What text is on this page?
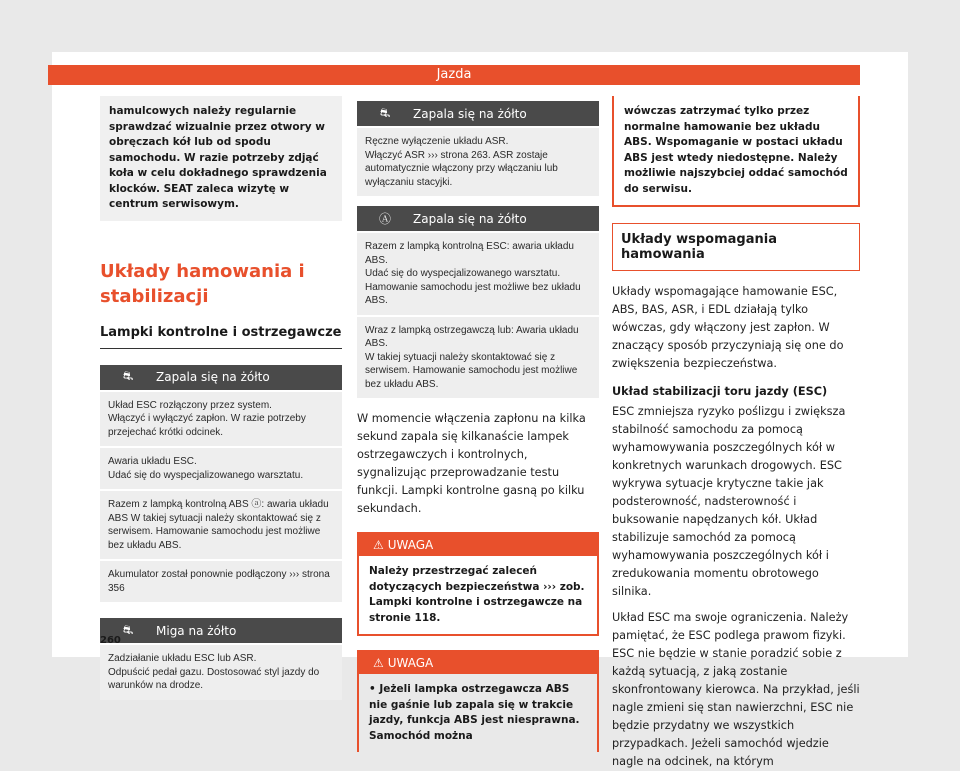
Jazda
hamulcowych należy regularnie sprawdzać wizualnie przez otwory w obręczach kół lub od spodu samochodu. W razie potrzeby zdjąć koła w celu dokładnego sprawdzenia klocków. SEAT zaleca wizytę w centrum serwisowym.
Układy hamowania i stabilizacji
Lampki kontrolne i ostrzegawcze
⛐	Zapala się na żółto
Układ ESC rozłączony przez system.
Włączyć i wyłączyć zapłon. W razie potrzeby przejechać krótki odcinek.
Awaria układu ESC.
Udać się do wyspecjalizowanego warsztatu.
Razem z lampką kontrolną ABS ⓐ: awaria układu ABS W takiej sytuacji należy skontaktować się z serwisem. Hamowanie samochodu jest możliwe bez układu ABS.
Akumulator został ponownie podłączony ››› strona 356
⛐	Miga na żółto
Zadziałanie układu ESC lub ASR.
Odpuścić pedał gazu. Dostosować styl jazdy do warunków na drodze.
⛐	Zapala się na żółto
Ręczne wyłączenie układu ASR.
Włączyć ASR ››› strona 263. ASR zostaje automatycznie włączony przy włączaniu lub wyłączaniu stacyjki.
Ⓐ	Zapala się na żółto
Razem z lampką kontrolną ESC: awaria układu ABS.
Udać się do wyspecjalizowanego warsztatu. Hamowanie samochodu jest możliwe bez układu ABS.
Wraz z lampką ostrzegawczą lub: Awaria układu ABS.
W takiej sytuacji należy skontaktować się z serwisem. Hamowanie samochodu jest możliwe bez układu ABS.
W momencie włączenia zapłonu na kilka sekund zapala się kilkanaście lampek ostrzegawczych i kontrolnych, sygnalizując przeprowadzanie testu funkcji. Lampki kontrolne gasną po kilku sekundach.
⚠ UWAGA
Należy przestrzegać zaleceń dotyczących bezpieczeństwa ››› zob. Lampki kontrolne i ostrzegawcze na stronie 118.
⚠ UWAGA
• Jeżeli lampka ostrzegawcza ABS nie gaśnie lub zapala się w trakcie jazdy, funkcja ABS jest niesprawna. Samochód można
wówczas zatrzymać tylko przez normalne hamowanie bez układu ABS. Wspomaganie w postaci układu ABS jest wtedy niedostępne. Należy możliwie najszybciej oddać samochód do serwisu.
Układy wspomagania hamowania
Układy wspomagające hamowanie ESC, ABS, BAS, ASR, i EDL działają tylko wówczas, gdy włączony jest zapłon. W znaczący sposób przyczyniają się one do zwiększenia bezpieczeństwa.
Układ stabilizacji toru jazdy (ESC)
ESC zmniejsza ryzyko poślizgu i zwiększa stabilność samochodu za pomocą wyhamowywania poszczególnych kół w konkretnych warunkach drogowych. ESC wykrywa sytuacje krytyczne takie jak podsterowność, nadsterowność i buksowanie napędzanych kół. Układ stabilizuje samochód za pomocą wyhamowywania poszczególnych kół i zredukowania momentu obrotowego silnika.
Układ ESC ma swoje ograniczenia. Należy pamiętać, że ESC podlega prawom fizyki. ESC nie będzie w stanie poradzić sobie z każdą sytuacją, z jaką zostanie skonfrontowany kierowca. Na przykład, jeśli nagle zmieni się stan nawierzchni, ESC nie będzie przydatny we wszystkich przypadkach. Jeżeli samochód wjedzie nagle na odcinek, na którym
260
